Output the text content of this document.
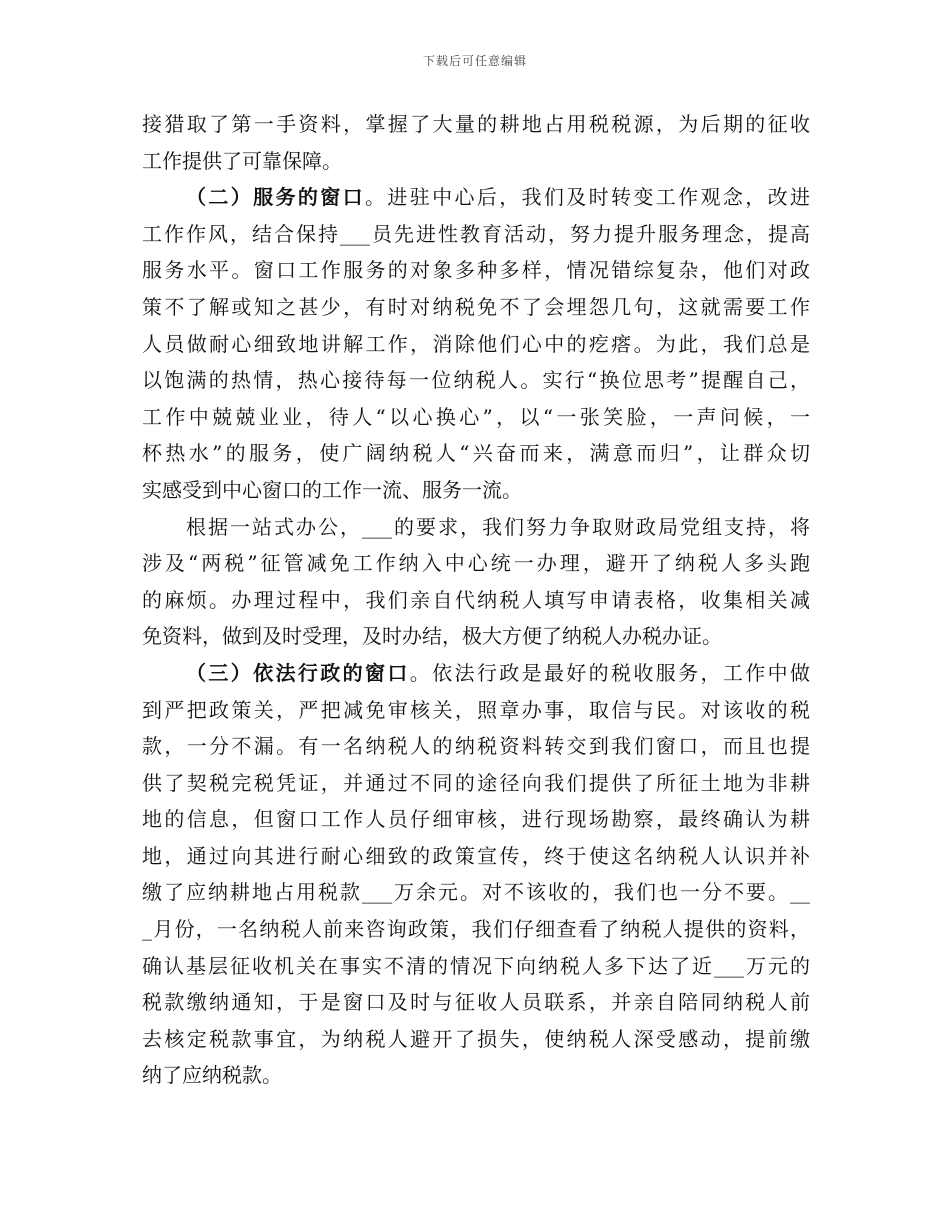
下载后可任意编辑
接猎取了第一手资料，掌握了大量的耕地占用税税源，为后期的征收
工作提供了可靠保障。
（二）服务的窗口。进驻中心后，我们及时转变工作观念，改进
工作作风，结合保持___员先进性教育活动，努力提升服务理念，提高
服务水平。窗口工作服务的对象多种多样，情况错综复杂，他们对政
策不了解或知之甚少，有时对纳税免不了会埋怨几句，这就需要工作
人员做耐心细致地讲解工作，消除他们心中的疙瘩。为此，我们总是
以饱满的热情，热心接待每一位纳税人。实行“换位思考”提醒自己，
工作中兢兢业业，待人“以心换心”，以“一张笑脸，一声问候，一
杯热水”的服务，使广阔纳税人“兴奋而来，满意而归”，让群众切
实感受到中心窗口的工作一流、服务一流。
根据一站式办公，___的要求，我们努力争取财政局党组支持，将
涉及“两税”征管减免工作纳入中心统一办理，避开了纳税人多头跑
的麻烦。办理过程中，我们亲自代纳税人填写申请表格，收集相关减
免资料，做到及时受理，及时办结，极大方便了纳税人办税办证。
（三）依法行政的窗口。依法行政是最好的税收服务，工作中做
到严把政策关，严把减免审核关，照章办事，取信与民。对该收的税
款，一分不漏。有一名纳税人的纳税资料转交到我们窗口，而且也提
供了契税完税凭证，并通过不同的途径向我们提供了所征土地为非耕
地的信息，但窗口工作人员仔细审核，进行现场勘察，最终确认为耕
地，通过向其进行耐心细致的政策宣传，终于使这名纳税人认识并补
缴了应纳耕地占用税款___万余元。对不该收的，我们也一分不要。__
_月份，一名纳税人前来咨询政策，我们仔细查看了纳税人提供的资料，
确认基层征收机关在事实不清的情况下向纳税人多下达了近___万元的
税款缴纳通知，于是窗口及时与征收人员联系，并亲自陪同纳税人前
去核定税款事宜，为纳税人避开了损失，使纳税人深受感动，提前缴
纳了应纳税款。
